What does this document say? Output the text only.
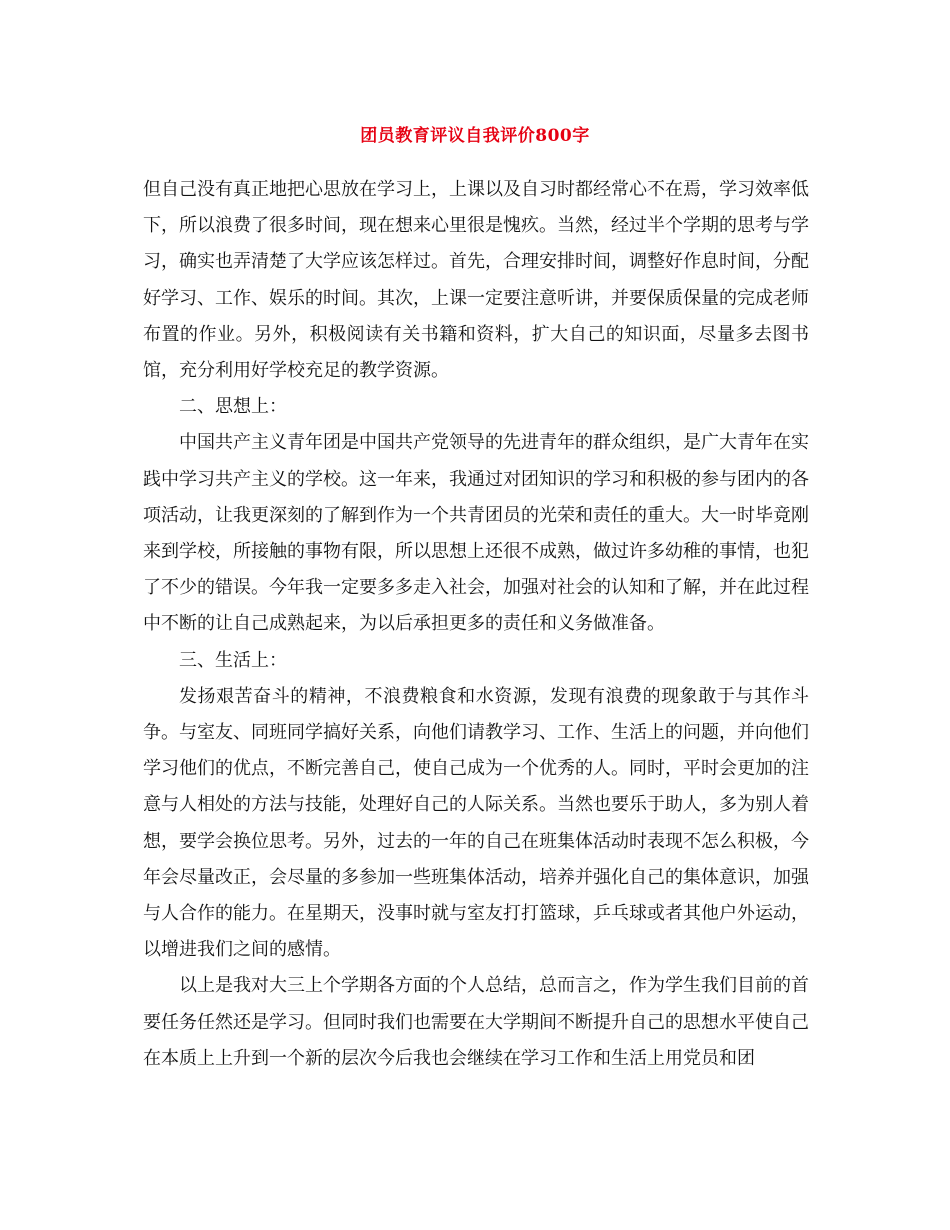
团员教育评议自我评价800字

但自己没有真正地把心思放在学习上，上课以及自习时都经常心不在焉，学习效率低下，所以浪费了很多时间，现在想来心里很是愧疚。当然，经过半个学期的思考与学习，确实也弄清楚了大学应该怎样过。首先，合理安排时间，调整好作息时间，分配好学习、工作、娱乐的时间。其次，上课一定要注意听讲，并要保质保量的完成老师布置的作业。另外，积极阅读有关书籍和资料，扩大自己的知识面，尽量多去图书馆，充分利用好学校充足的教学资源。

二、思想上：

中国共产主义青年团是中国共产党领导的先进青年的群众组织，是广大青年在实践中学习共产主义的学校。这一年来，我通过对团知识的学习和积极的参与团内的各项活动，让我更深刻的了解到作为一个共青团员的光荣和责任的重大。大一时毕竟刚来到学校，所接触的事物有限，所以思想上还很不成熟，做过许多幼稚的事情，也犯了不少的错误。今年我一定要多多走入社会，加强对社会的认知和了解，并在此过程中不断的让自己成熟起来，为以后承担更多的责任和义务做准备。

三、生活上：

发扬艰苦奋斗的精神，不浪费粮食和水资源，发现有浪费的现象敢于与其作斗争。与室友、同班同学搞好关系，向他们请教学习、工作、生活上的问题，并向他们学习他们的优点，不断完善自己，使自己成为一个优秀的人。同时，平时会更加的注意与人相处的方法与技能，处理好自己的人际关系。当然也要乐于助人，多为别人着想，要学会换位思考。另外，过去的一年的自己在班集体活动时表现不怎么积极，今年会尽量改正，会尽量的多参加一些班集体活动，培养并强化自己的集体意识，加强与人合作的能力。在星期天，没事时就与室友打打篮球，乒乓球或者其他户外运动，以增进我们之间的感情。

以上是我对大三上个学期各方面的个人总结，总而言之，作为学生我们目前的首要任务任然还是学习。但同时我们也需要在大学期间不断提升自己的思想水平使自己在本质上上升到一个新的层次今后我也会继续在学习工作和生活上用党员和团
